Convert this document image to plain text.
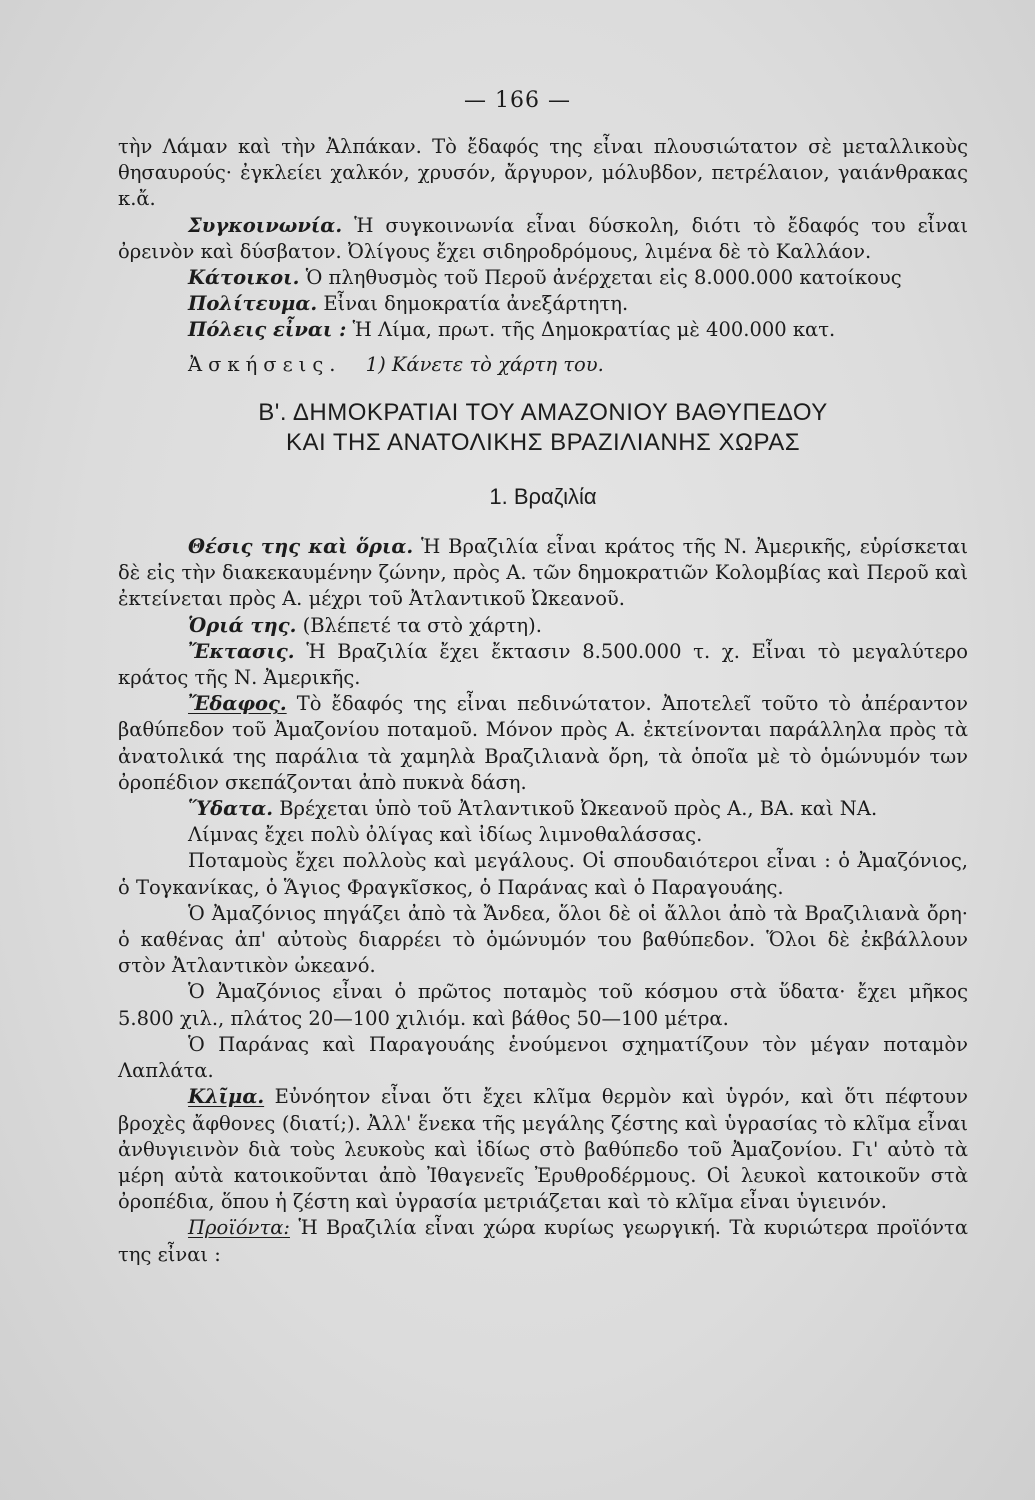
— 166 —

τὴν Λάμαν καὶ τὴν Ἀλπάκαν. Τὸ ἔδαφός της εἶναι πλουσιώτατον σὲ μεταλλικοὺς θησαυρούς· ἐγκλείει χαλκόν, χρυσόν, ἄργυρον, μόλυβδον, πετρέλαιον, γαιάνθρακας κ.ἄ.

Συγκοινωνία. Ἡ συγκοινωνία εἶναι δύσκολη, διότι τὸ ἔδαφός του εἶναι ὀρεινὸν καὶ δύσβατον. Ὀλίγους ἔχει σιδηροδρόμους, λιμένα δὲ τὸ Καλλάον.

Κάτοικοι. Ὁ πληθυσμὸς τοῦ Περοῦ ἀνέρχεται εἰς 8.000.000 κατοίκους

Πολίτευμα. Εἶναι δημοκρατία ἀνεξάρτητη.

Πόλεις εἶναι : Ἡ Λίμα, πρωτ. τῆς Δημοκρατίας μὲ 400.000 κατ.

Ἀσκήσεις. 1) Κάνετε τὸ χάρτη του.

Β'. ΔΗΜΟΚΡΑΤΙΑΙ ΤΟΥ ΑΜΑΖΟΝΙΟΥ ΒΑΘΥΠΕΔΟΥ
ΚΑΙ ΤΗΣ ΑΝΑΤΟΛΙΚΗΣ ΒΡΑΖΙΛΙΑΝΗΣ ΧΩΡΑΣ
1. Βραζιλία

Θέσις της καὶ ὅρια. Ἡ Βραζιλία εἶναι κράτος τῆς Ν. Ἀμερικῆς, εὑρίσκεται δὲ εἰς τὴν διακεκαυμένην ζώνην, πρὸς Α. τῶν δημοκρατιῶν Κολομβίας καὶ Περοῦ καὶ ἐκτείνεται πρὸς Α. μέχρι τοῦ Ἀτλαντικοῦ Ὠκεανοῦ.

Ὁριά της. (Βλέπετέ τα στὸ χάρτη).

Ἔκτασις. Ἡ Βραζιλία ἔχει ἔκτασιν 8.500.000 τ. χ. Εἶναι τὸ μεγαλύτερο κράτος τῆς Ν. Ἀμερικῆς.

Ἔδαφος. Τὸ ἔδαφός της εἶναι πεδινώτατον. Ἀποτελεῖ τοῦτο τὸ ἀπέραντον βαθύπεδον τοῦ Ἀμαζονίου ποταμοῦ. Μόνον πρὸς Α. ἐκτείνονται παράλληλα πρὸς τὰ ἀνατολικά της παράλια τὰ χαμηλὰ Βραζιλιανὰ ὄρη, τὰ ὁποῖα μὲ τὸ ὁμώνυμόν των ὀροπέδιον σκεπάζονται ἀπὸ πυκνὰ δάση.

Ὕδατα. Βρέχεται ὑπὸ τοῦ Ἀτλαντικοῦ Ὠκεανοῦ πρὸς Α., ΒΑ. καὶ ΝΑ.

Λίμνας ἔχει πολὺ ὀλίγας καὶ ἰδίως λιμνοθαλάσσας.

Ποταμοὺς ἔχει πολλοὺς καὶ μεγάλους. Οἱ σπουδαιότεροι εἶναι : ὁ Ἀμαζόνιος, ὁ Τογκανίκας, ὁ Ἅγιος Φραγκῖσκος, ὁ Παράνας καὶ ὁ Παραγουάης.

Ὁ Ἀμαζόνιος πηγάζει ἀπὸ τὰ Ἄνδεα, ὅλοι δὲ οἱ ἄλλοι ἀπὸ τὰ Βραζιλιανὰ ὄρη· ὁ καθένας ἀπ' αὐτοὺς διαρρέει τὸ ὁμώνυμόν του βαθύπεδον. Ὅλοι δὲ ἐκβάλλουν στὸν Ἀτλαντικὸν ὠκεανό.

Ὁ Ἀμαζόνιος εἶναι ὁ πρῶτος ποταμὸς τοῦ κόσμου στὰ ὕδατα· ἔχει μῆκος 5.800 χιλ., πλάτος 20—100 χιλιόμ. καὶ βάθος 50—100 μέτρα.

Ὁ Παράνας καὶ Παραγουάης ἑνούμενοι σχηματίζουν τὸν μέγαν ποταμὸν Λαπλάτα.

Κλῖμα. Εὐνόητον εἶναι ὅτι ἔχει κλῖμα θερμὸν καὶ ὑγρόν, καὶ ὅτι πέφτουν βροχὲς ἄφθονες (διατί;). Ἀλλ' ἕνεκα τῆς μεγάλης ζέστης καὶ ὑγρασίας τὸ κλῖμα εἶναι ἀνθυγιεινὸν διὰ τοὺς λευκοὺς καὶ ἰδίως στὸ βαθύπεδο τοῦ Ἀμαζονίου. Γι' αὐτὸ τὰ μέρη αὐτὰ κατοικοῦνται ἀπὸ Ἰθαγενεῖς Ἐρυθροδέρμους. Οἱ λευκοὶ κατοικοῦν στὰ ὀροπέδια, ὅπου ἡ ζέστη καὶ ὑγρασία μετριάζεται καὶ τὸ κλῖμα εἶναι ὑγιεινόν.

Προϊόντα: Ἡ Βραζιλία εἶναι χώρα κυρίως γεωργική. Τὰ κυριώτερα προϊόντα της εἶναι :
